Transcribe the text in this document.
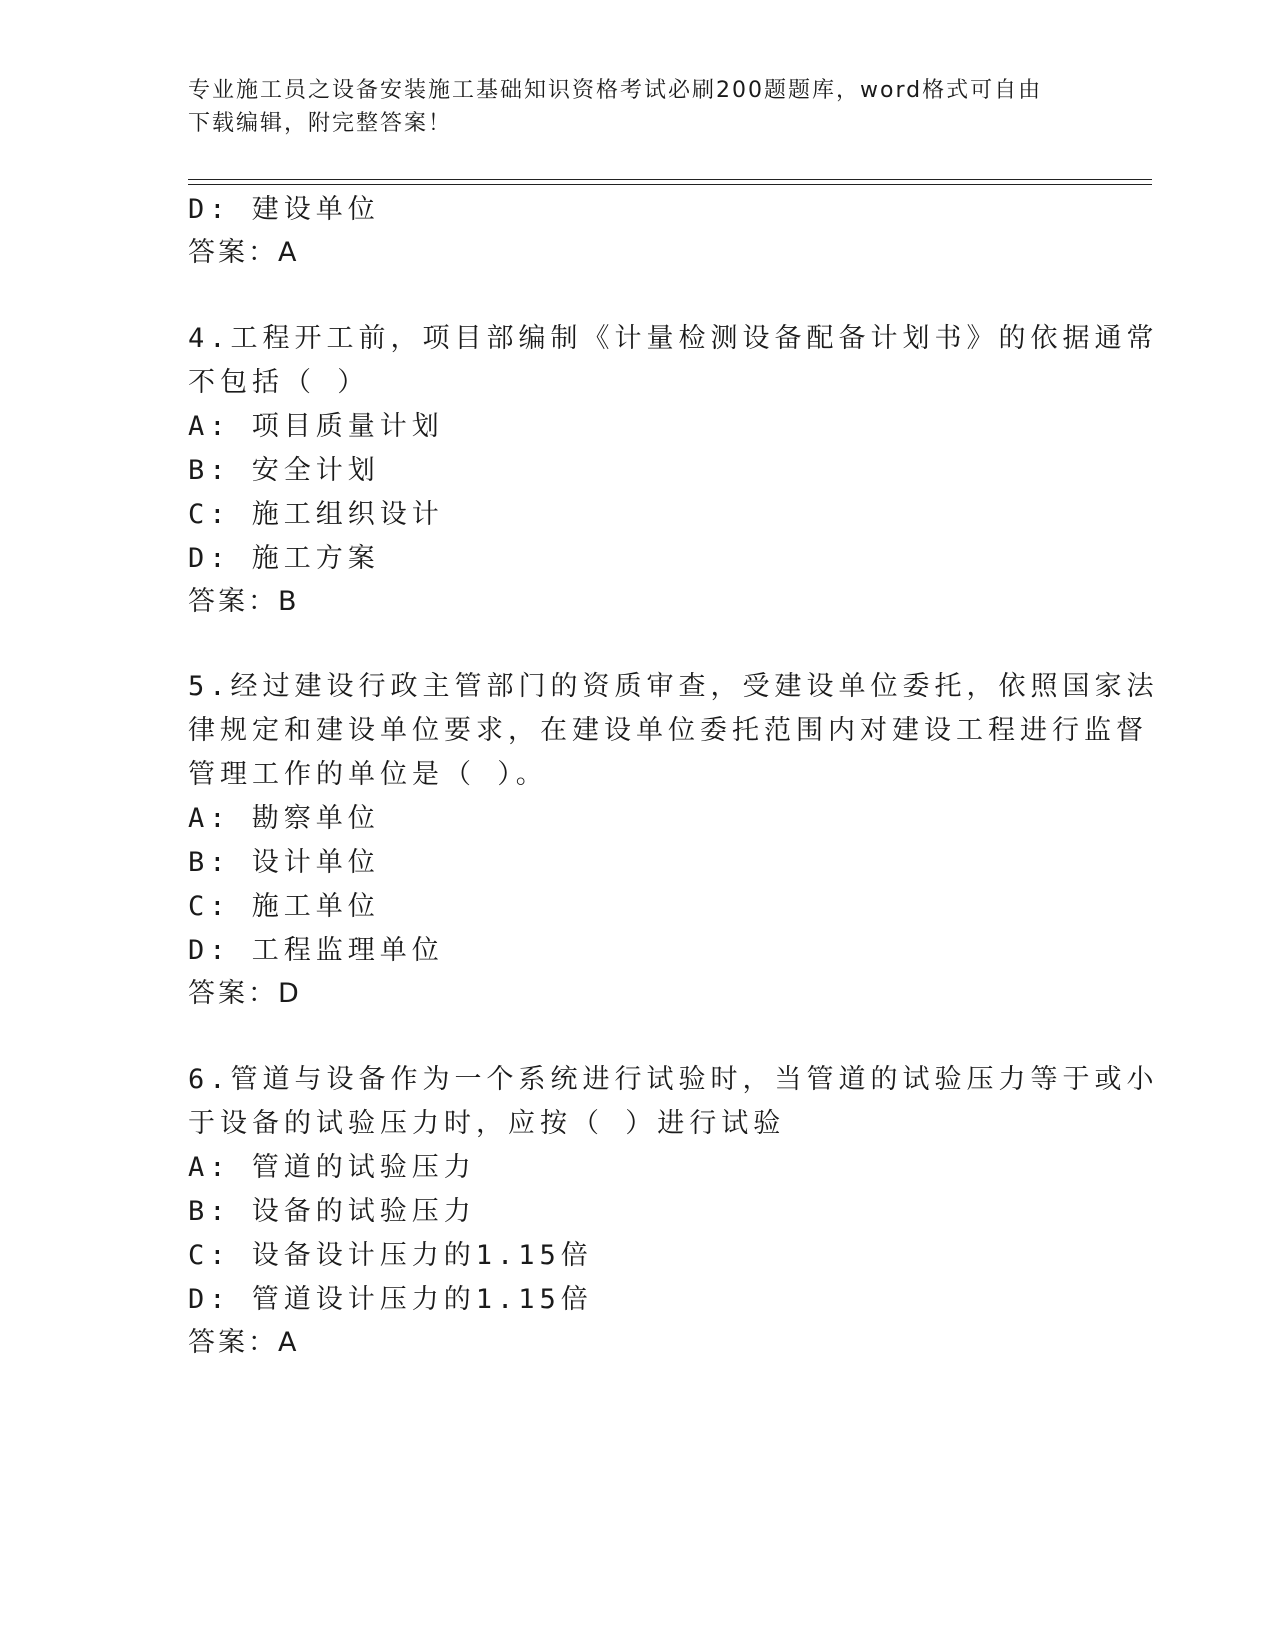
专业施工员之设备安装施工基础知识资格考试必刷200题题库，word格式可自由
下载编辑，附完整答案！
D: 建设单位
答案：A
4.工程开工前，项目部编制《计量检测设备配备计划书》的依据通常
不包括（ ）
A: 项目质量计划
B: 安全计划
C: 施工组织设计
D: 施工方案
答案：B
5.经过建设行政主管部门的资质审查，受建设单位委托，依照国家法
律规定和建设单位要求，在建设单位委托范围内对建设工程进行监督
管理工作的单位是（ ）。
A: 勘察单位
B: 设计单位
C: 施工单位
D: 工程监理单位
答案：D
6.管道与设备作为一个系统进行试验时，当管道的试验压力等于或小
于设备的试验压力时，应按（ ）进行试验
A: 管道的试验压力
B: 设备的试验压力
C: 设备设计压力的1.15倍
D: 管道设计压力的1.15倍
答案：A
